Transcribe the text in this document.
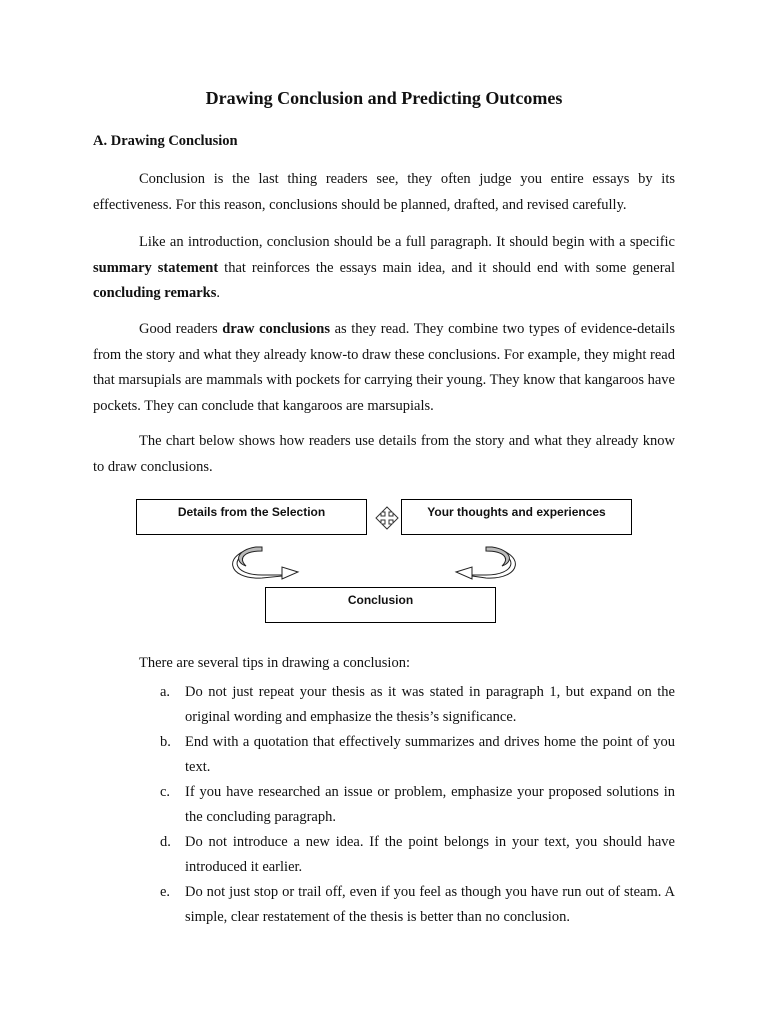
Drawing Conclusion and Predicting Outcomes
A. Drawing Conclusion

Conclusion is the last thing readers see, they often judge you entire essays by its effectiveness. For this reason, conclusions should be planned, drafted, and revised carefully.

Like an introduction, conclusion should be a full paragraph. It should begin with a specific summary statement that reinforces the essays main idea, and it should end with some general concluding remarks.

Good readers draw conclusions as they read. They combine two types of evidence-details from the story and what they already know-to draw these conclusions. For example, they might read that marsupials are mammals with pockets for carrying their young. They know that kangaroos have pockets. They can conclude that kangaroos are marsupials.

The chart below shows how readers use details from the story and what they already know to draw conclusions.

Details from the Selection	Your thoughts and experiences
Conclusion
There are several tips in drawing a conclusion:
a. Do not just repeat your thesis as it was stated in paragraph 1, but expand on the original wording and emphasize the thesis’s significance.
b. End with a quotation that effectively summarizes and drives home the point of you text.
c. If you have researched an issue or problem, emphasize your proposed solutions in the concluding paragraph.
d. Do not introduce a new idea. If the point belongs in your text, you should have introduced it earlier.
e. Do not just stop or trail off, even if you feel as though you have run out of steam. A simple, clear restatement of the thesis is better than no conclusion.
